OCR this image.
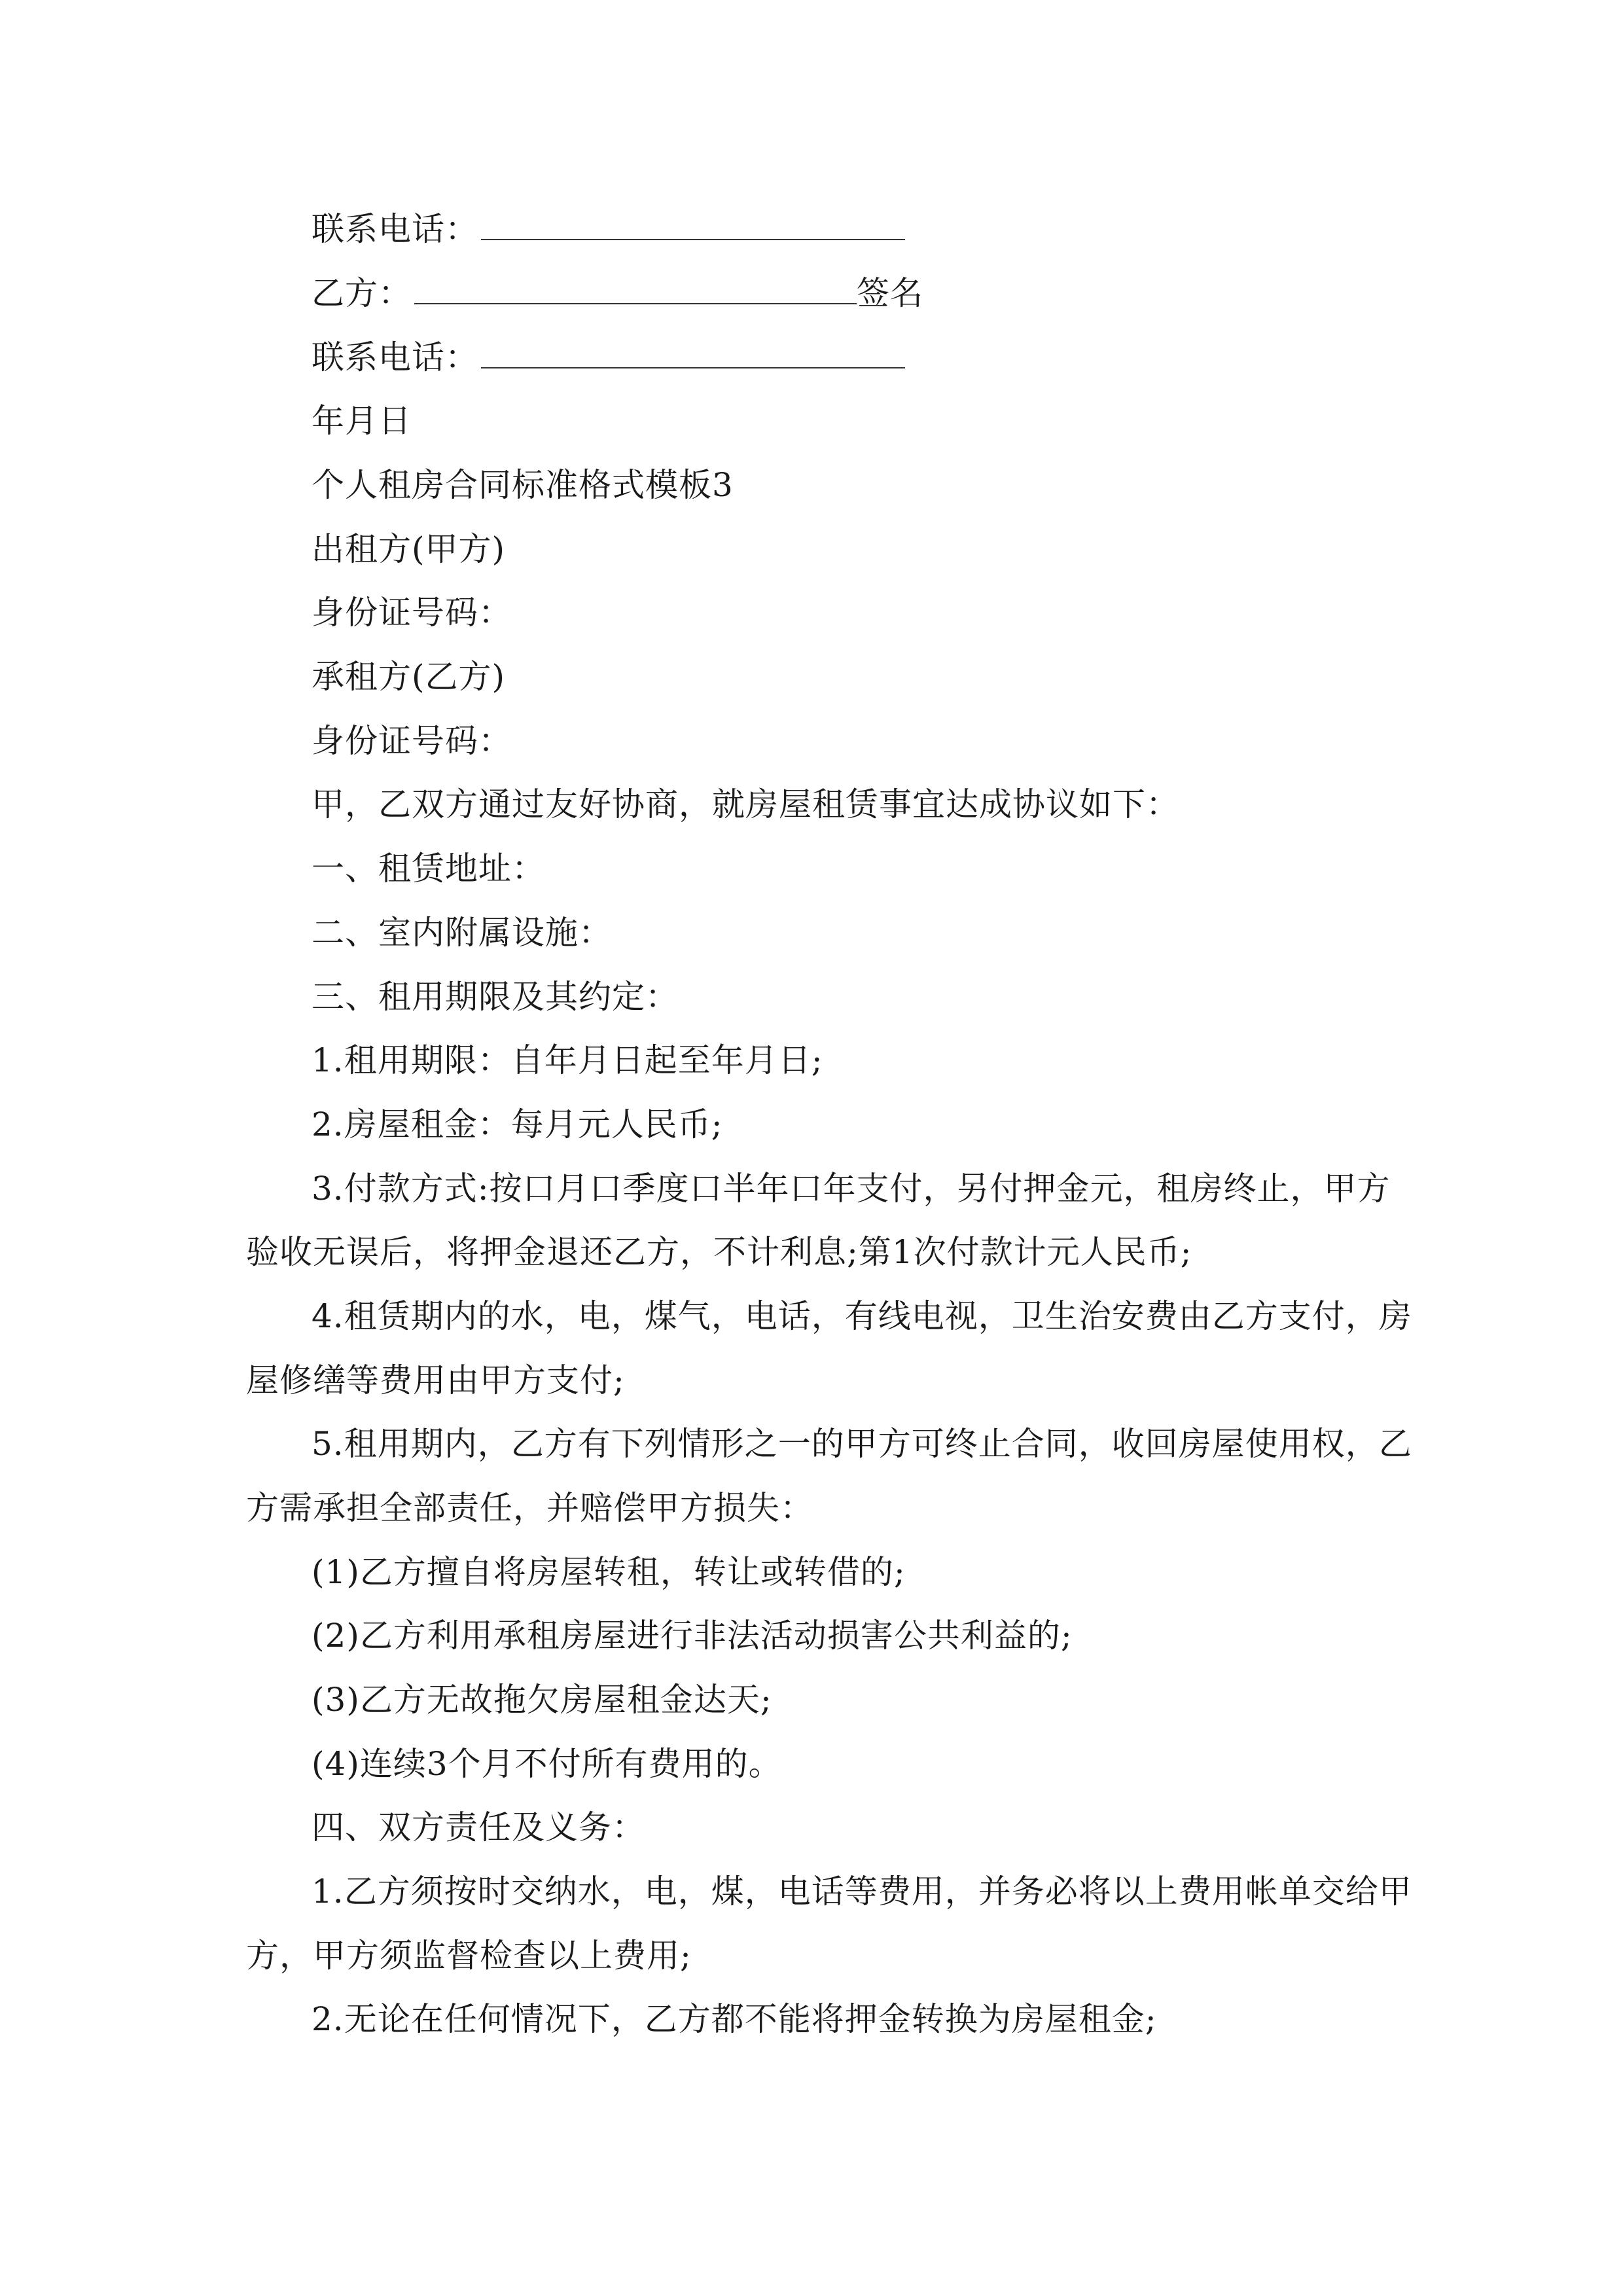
联系电话：
乙方：	签名
联系电话：
年月日
个人租房合同标准格式模板3
出租方(甲方)
身份证号码：
承租方(乙方)
身份证号码：
甲，乙双方通过友好协商，就房屋租赁事宜达成协议如下：
一、租赁地址：
二、室内附属设施：
三、租用期限及其约定：
1.租用期限：自年月日起至年月日;
2.房屋租金：每月元人民币;
3.付款方式:按口月口季度口半年口年支付，另付押金元，租房终止，甲方
验收无误后，将押金退还乙方，不计利息;第1次付款计元人民币;
4.租赁期内的水，电，煤气，电话，有线电视，卫生治安费由乙方支付，房
屋修缮等费用由甲方支付;
5.租用期内，乙方有下列情形之一的甲方可终止合同，收回房屋使用权，乙
方需承担全部责任，并赔偿甲方损失：
(1)乙方擅自将房屋转租，转让或转借的;
(2)乙方利用承租房屋进行非法活动损害公共利益的;
(3)乙方无故拖欠房屋租金达天;
(4)连续3个月不付所有费用的。
四、双方责任及义务：
1.乙方须按时交纳水，电，煤，电话等费用，并务必将以上费用帐单交给甲
方，甲方须监督检查以上费用;
2.无论在任何情况下，乙方都不能将押金转换为房屋租金;
